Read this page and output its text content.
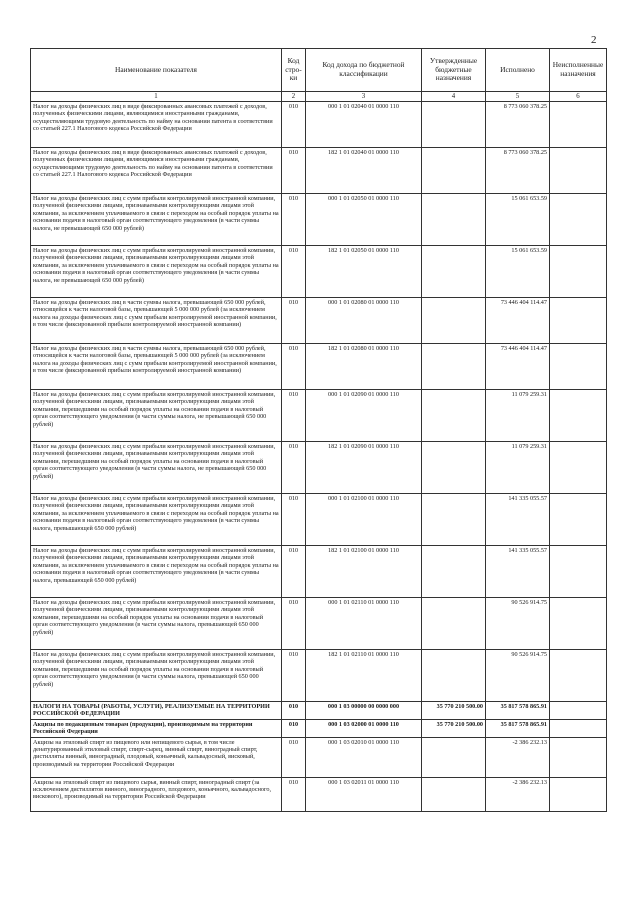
2
Наименование показателя	Код стро- ки	Код дохода по бюджетной классификации	Утвержденные бюджетные назначения	Исполнено	Неисполненные назначения
1	2	3	4	5	6
Налог на доходы физических лиц в виде фиксированных авансовых платежей с доходов, полученных физическими лицами, являющимися иностранными гражданами, осуществляющими трудовую деятельность по найму на основании патента в соответствии со статьей 227.1 Налогового кодекса Российской Федерации	010	000 1 01 02040 01 0000 110		8 773 060 378.25	
Налог на доходы физических лиц в виде фиксированных авансовых платежей с доходов, полученных физическими лицами, являющимися иностранными гражданами, осуществляющими трудовую деятельность по найму на основании патента в соответствии со статьей 227.1 Налогового кодекса Российской Федерации	010	182 1 01 02040 01 0000 110		8 773 060 378.25	
Налог на доходы физических лиц с сумм прибыли контролируемой иностранной компании, полученной физическими лицами, признаваемыми контролирующими лицами этой компании, за исключением уплачиваемого в связи с переходом на особый порядок уплаты на основании подачи в налоговый орган соответствующего уведомления (в части суммы налога, не превышающей 650 000 рублей)	010	000 1 01 02050 01 0000 110		15 061 653.59	
Налог на доходы физических лиц с сумм прибыли контролируемой иностранной компании, полученной физическими лицами, признаваемыми контролирующими лицами этой компании, за исключением уплачиваемого в связи с переходом на особый порядок уплаты на основании подачи в налоговый орган соответствующего уведомления (в части суммы налога, не превышающей 650 000 рублей)	010	182 1 01 02050 01 0000 110		15 061 653.59	
Налог на доходы физических лиц в части суммы налога, превышающей 650 000 рублей, относящейся к части налоговой базы, превышающей 5 000 000 рублей (за исключением налога на доходы физических лиц с сумм прибыли контролируемой иностранной компании, в том числе фиксированной прибыли контролируемой иностранной компании)	010	000 1 01 02080 01 0000 110		73 446 404 114.47	
Налог на доходы физических лиц в части суммы налога, превышающей 650 000 рублей, относящейся к части налоговой базы, превышающей 5 000 000 рублей (за исключением налога на доходы физических лиц с сумм прибыли контролируемой иностранной компании, в том числе фиксированной прибыли контролируемой иностранной компании)	010	182 1 01 02080 01 0000 110		73 446 404 114.47	
Налог на доходы физических лиц с сумм прибыли контролируемой иностранной компании, полученной физическими лицами, признаваемыми контролирующими лицами этой компании, перешедшими на особый порядок уплаты на основании подачи в налоговый орган соответствующего уведомления (в части суммы налога, не превышающей 650 000 рублей)	010	000 1 01 02090 01 0000 110		11 079 259.31	
Налог на доходы физических лиц с сумм прибыли контролируемой иностранной компании, полученной физическими лицами, признаваемыми контролирующими лицами этой компании, перешедшими на особый порядок уплаты на основании подачи в налоговый орган соответствующего уведомления (в части суммы налога, не превышающей 650 000 рублей)	010	182 1 01 02090 01 0000 110		11 079 259.31	
Налог на доходы физических лиц с сумм прибыли контролируемой иностранной компании, полученной физическими лицами, признаваемыми контролирующими лицами этой компании, за исключением уплачиваемого в связи с переходом на особый порядок уплаты на основании подачи в налоговый орган соответствующего уведомления (в части суммы налога, превышающей 650 000 рублей)	010	000 1 01 02100 01 0000 110		141 335 055.57	
Налог на доходы физических лиц с сумм прибыли контролируемой иностранной компании, полученной физическими лицами, признаваемыми контролирующими лицами этой компании, за исключением уплачиваемого в связи с переходом на особый порядок уплаты на основании подачи в налоговый орган соответствующего уведомления (в части суммы налога, превышающей 650 000 рублей)	010	182 1 01 02100 01 0000 110		141 335 055.57	
Налог на доходы физических лиц с сумм прибыли контролируемой иностранной компании, полученной физическими лицами, признаваемыми контролирующими лицами этой компании, перешедшими на особый порядок уплаты на основании подачи в налоговый орган соответствующего уведомления (в части суммы налога, превышающей 650 000 рублей)	010	000 1 01 02110 01 0000 110		90 526 914.75	
Налог на доходы физических лиц с сумм прибыли контролируемой иностранной компании, полученной физическими лицами, признаваемыми контролирующими лицами этой компании, перешедшими на особый порядок уплаты на основании подачи в налоговый орган соответствующего уведомления (в части суммы налога, превышающей 650 000 рублей)	010	182 1 01 02110 01 0000 110		90 526 914.75	
НАЛОГИ НА ТОВАРЫ (РАБОТЫ, УСЛУГИ), РЕАЛИЗУЕМЫЕ НА ТЕРРИТОРИИ РОССИЙСКОЙ ФЕДЕРАЦИИ	010	000 1 03 00000 00 0000 000	35 770 210 500.00	35 817 578 865.91	
Акцизы по подакцизным товарам (продукции), производимым на территории Российской Федерации	010	000 1 03 02000 01 0000 110	35 770 210 500.00	35 817 578 865.91	
Акцизы на этиловый спирт из пищевого или непищевого сырья, в том числе денатурированный этиловый спирт, спирт-сырец, винный спирт, виноградный спирт, дистилляты винный, виноградный, плодовый, коньячный, кальвадосный, висковый, производимый на территории Российской Федерации	010	000 1 03 02010 01 0000 110		-2 386 232.13	
Акцизы на этиловый спирт из пищевого сырья, винный спирт, виноградный спирт (за исключением дистиллятов винного, виноградного, плодового, коньячного, кальвадосного, вискового), производимый на территории Российской Федерации	010	000 1 03 02011 01 0000 110		-2 386 232.13	
